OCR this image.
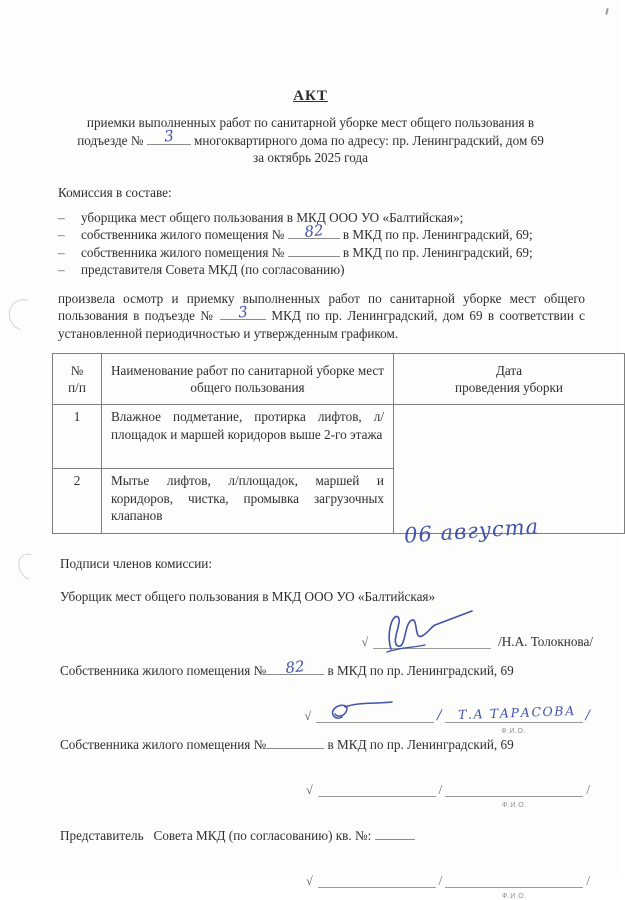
АКТ
приемки выполненных работ по санитарной уборке мест общего пользования в
подъезде №	3	многоквартирного дома по адресу: пр. Ленинградский, дом 69
за октябрь 2025 года
Комиссия в составе:
–	уборщика мест общего пользования в МКД ООО УО «Балтийская»;
–	собственника жилого помещения №	82	в МКД по пр. Ленинградский, 69;
–	собственника жилого помещения №	в МКД по пр. Ленинградский, 69;
–	представителя Совета МКД (по согласованию)
произвела осмотр и приемку выполненных работ по санитарной уборке мест общего пользования в подъезде №	3	МКД по пр. Ленинградский, дом 69 в соответствии с установленной периодичностью и утвержденным графиком.
№
п/п	Наименование работ по санитарной уборке мест общего пользования	Дата
проведения уборки
1	Влажное подметание, протирка лифтов, л/площадок и маршей коридоров выше 2-го этажа	06 августа

2	Мытье лифтов, л/площадок, маршей и коридоров, чистка, промывка загрузочных клапанов	
Подписи членов комиссии:
Уборщик мест общего пользования в МКД ООО УО «Балтийская»
√	/Н.А. Толокнова/
Собственника жилого помещения №	82	в МКД по пр. Ленинградский, 69
√	/	Т.А ТАРАСОВА
Ф.И.О.
/
Собственника жилого помещения №	в МКД по пр. Ленинградский, 69
√	/
Ф.И.О.
/
Представитель   Совета МКД (по согласованию) кв. №:
√	/
Ф.И.О.
/
